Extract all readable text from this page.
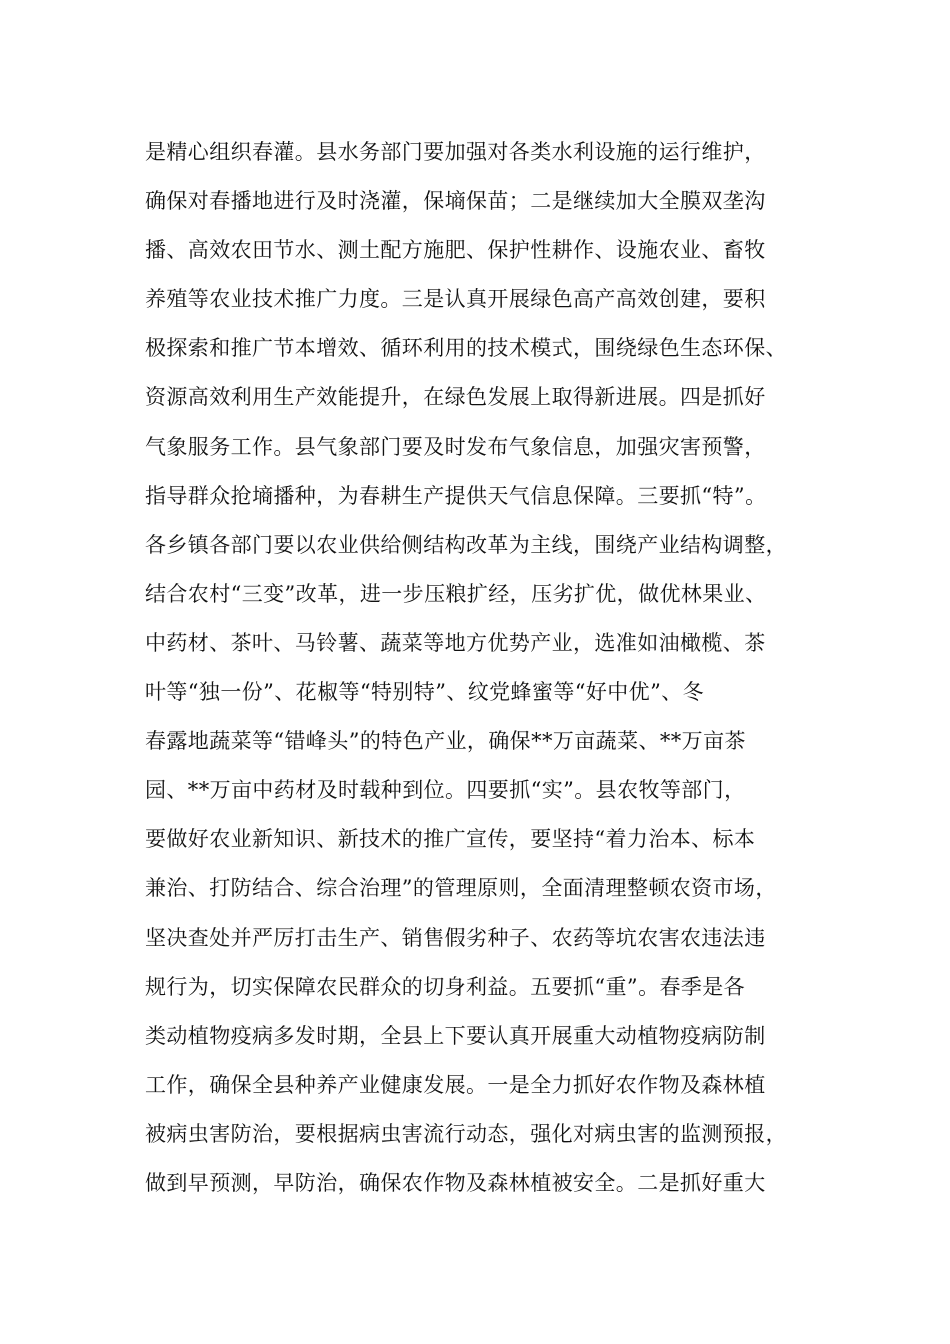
是精心组织春灌。县水务部门要加强对各类水利设施的运行维护，
确保对春播地进行及时浇灌，保墒保苗；二是继续加大全膜双垄沟
播、高效农田节水、测土配方施肥、保护性耕作、设施农业、畜牧
养殖等农业技术推广力度。三是认真开展绿色高产高效创建，要积
极探索和推广节本增效、循环利用的技术模式，围绕绿色生态环保、
资源高效利用生产效能提升，在绿色发展上取得新进展。四是抓好
气象服务工作。县气象部门要及时发布气象信息，加强灾害预警，
指导群众抢墒播种，为春耕生产提供天气信息保障。三要抓“特”。
各乡镇各部门要以农业供给侧结构改革为主线，围绕产业结构调整，
结合农村“三变”改革，进一步压粮扩经，压劣扩优，做优林果业、
中药材、茶叶、马铃薯、蔬菜等地方优势产业，选准如油橄榄、茶
叶等“独一份”、花椒等“特别特”、纹党蜂蜜等“好中优”、冬
春露地蔬菜等“错峰头”的特色产业，确保**万亩蔬菜、**万亩茶
园、**万亩中药材及时载种到位。四要抓“实”。县农牧等部门，
要做好农业新知识、新技术的推广宣传，要坚持“着力治本、标本
兼治、打防结合、综合治理”的管理原则，全面清理整顿农资市场，
坚决查处并严厉打击生产、销售假劣种子、农药等坑农害农违法违
规行为，切实保障农民群众的切身利益。五要抓“重”。春季是各
类动植物疫病多发时期，全县上下要认真开展重大动植物疫病防制
工作，确保全县种养产业健康发展。一是全力抓好农作物及森林植
被病虫害防治，要根据病虫害流行动态，强化对病虫害的监测预报，
做到早预测，早防治，确保农作物及森林植被安全。二是抓好重大
